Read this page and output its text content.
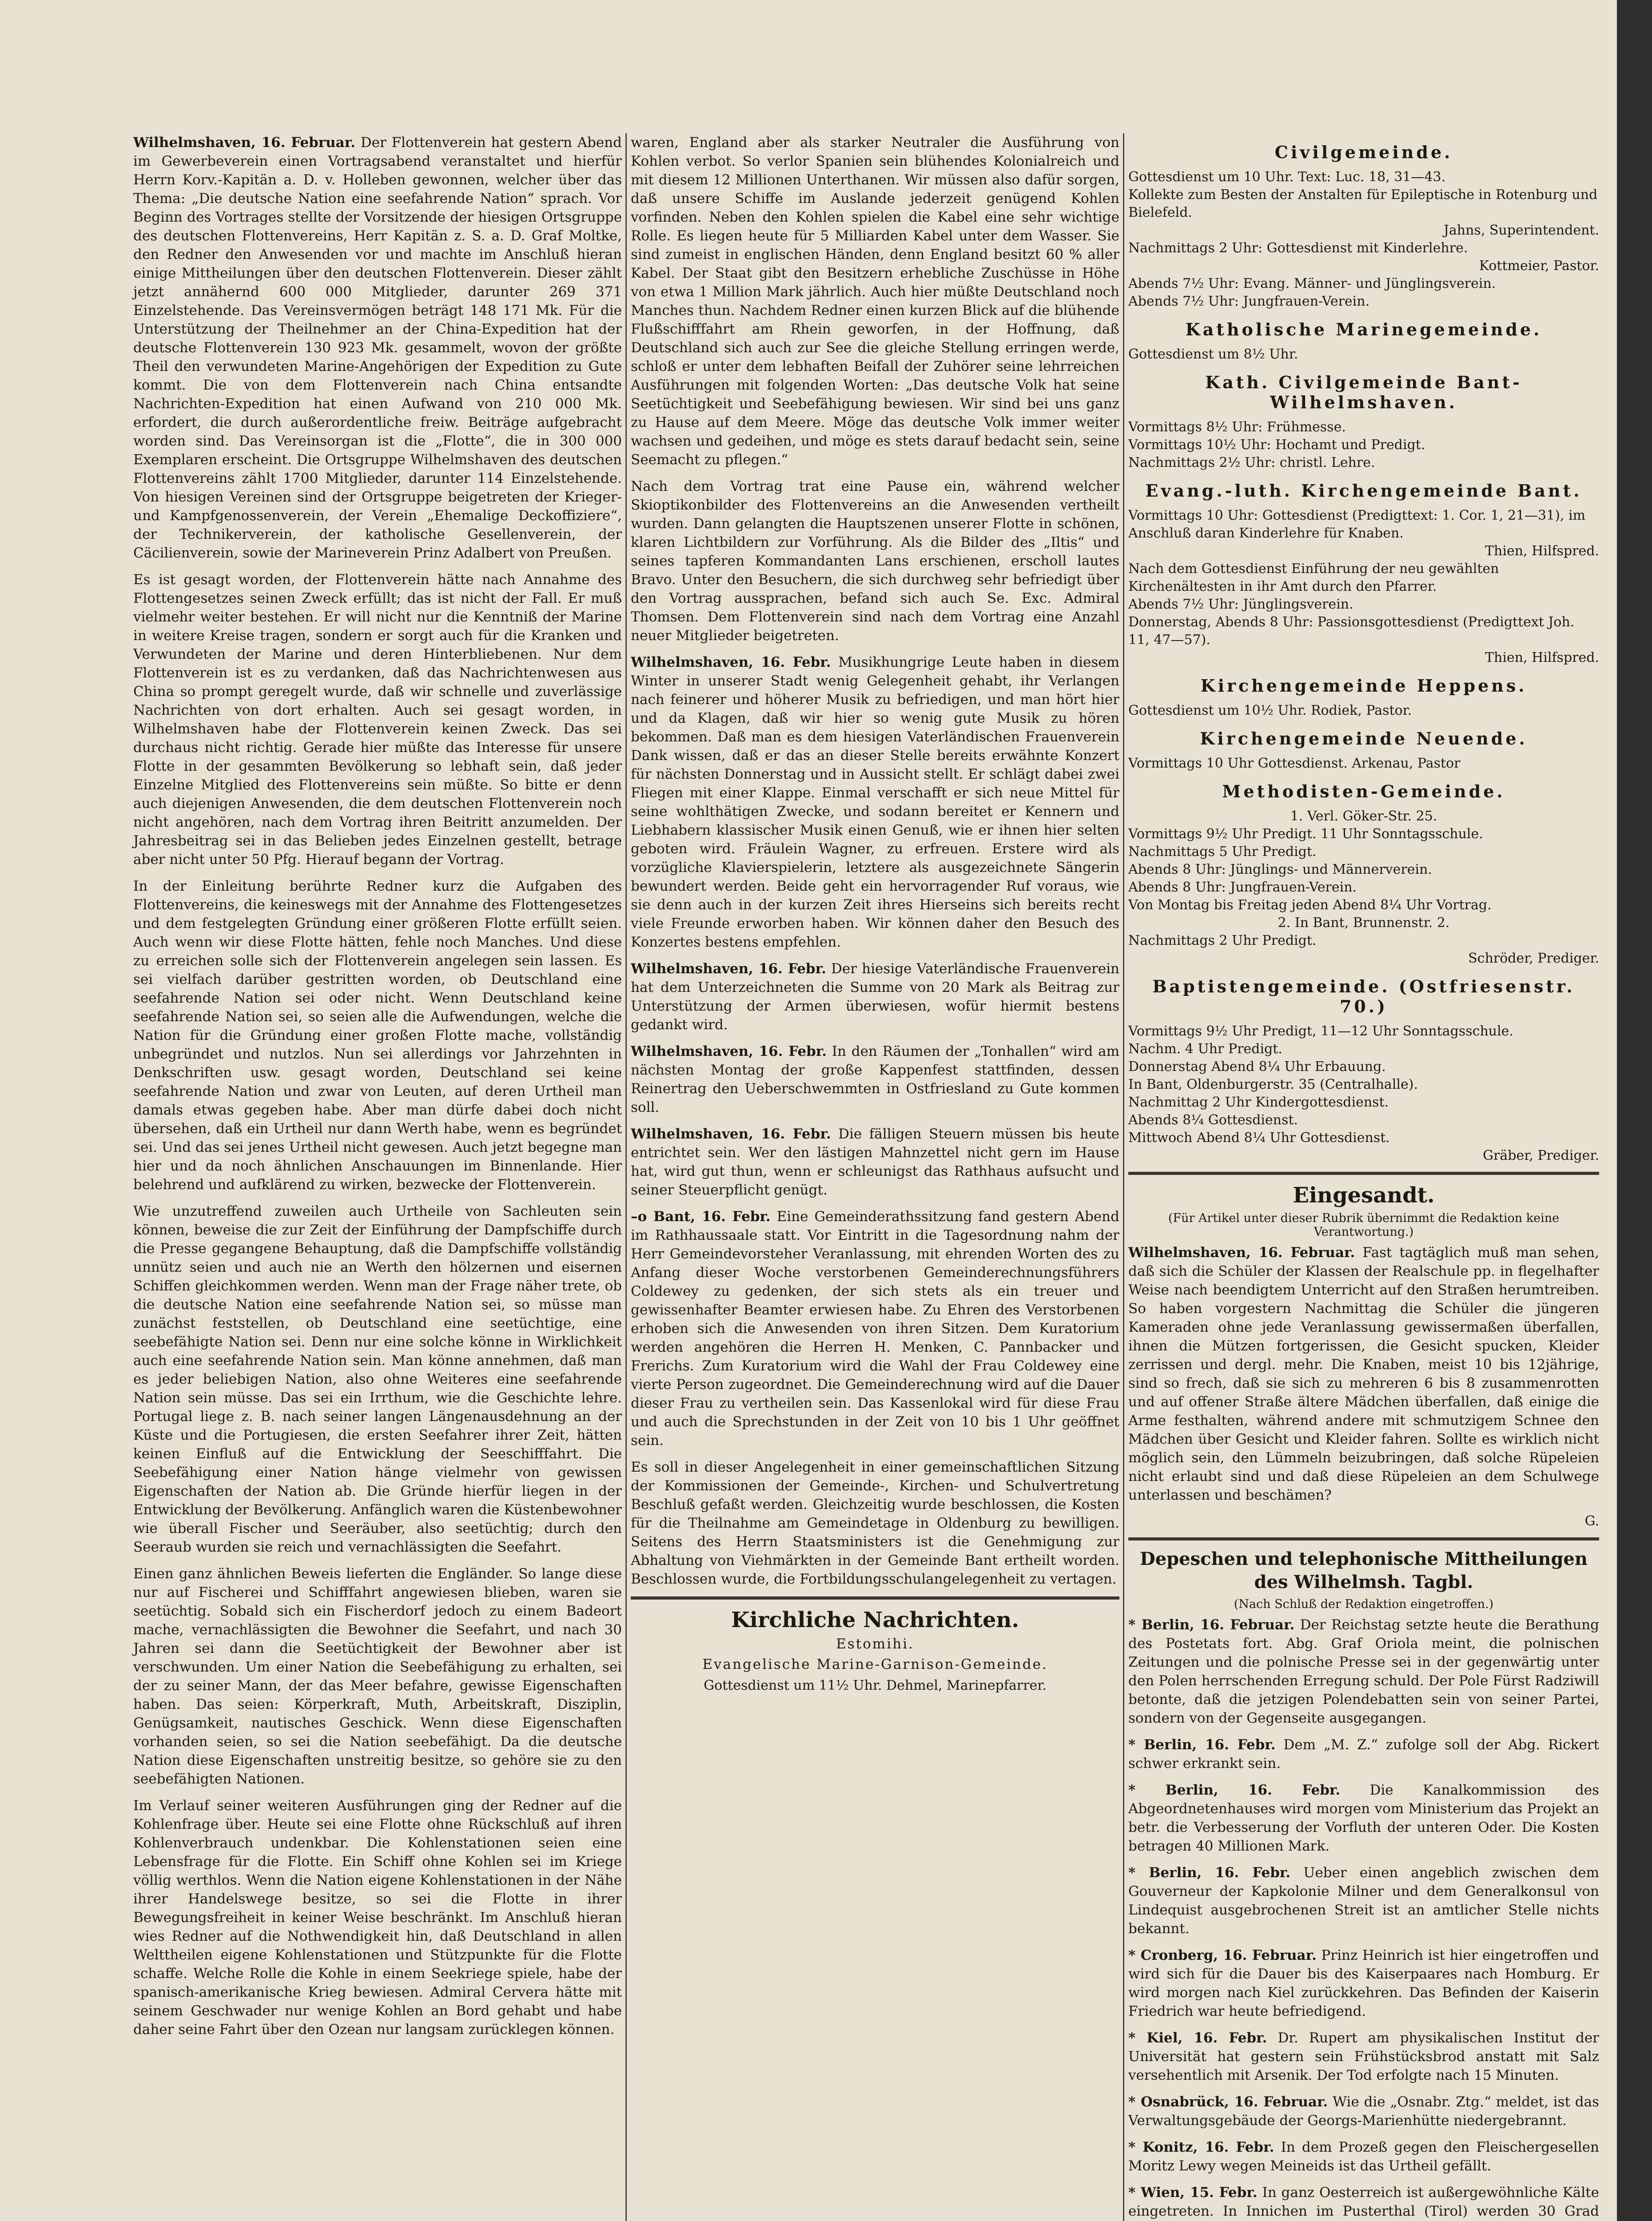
Wilhelmshaven, 16. Februar. Der Flottenverein hat gestern Abend im Gewerbeverein einen Vortragsabend veranstaltet und hierfür Herrn Korv.-Kapitän a. D. v. Holleben gewonnen, welcher über das Thema: „Die deutsche Nation eine seefahrende Nation“ sprach. Vor Beginn des Vortrages stellte der Vorsitzende der hiesigen Ortsgruppe des deutschen Flottenvereins, Herr Kapitän z. S. a. D. Graf Moltke, den Redner den Anwesenden vor und machte im Anschluß hieran einige Mittheilungen über den deutschen Flottenverein. Dieser zählt jetzt annähernd 600 000 Mitglieder, darunter 269 371 Einzelstehende. Das Vereinsvermögen beträgt 148 171 Mk. Für die Unterstützung der Theilnehmer an der China-Expedition hat der deutsche Flottenverein 130 923 Mk. gesammelt, wovon der größte Theil den verwundeten Marine-Angehörigen der Expedition zu Gute kommt. Die von dem Flottenverein nach China entsandte Nachrichten-Expedition hat einen Aufwand von 210 000 Mk. erfordert, die durch außerordentliche freiw. Beiträge aufgebracht worden sind. Das Vereinsorgan ist die „Flotte“, die in 300 000 Exemplaren erscheint. Die Ortsgruppe Wilhelmshaven des deutschen Flottenvereins zählt 1700 Mitglieder, darunter 114 Einzelstehende. Von hiesigen Vereinen sind der Ortsgruppe beigetreten der Krieger- und Kampfgenossenverein, der Verein „Ehemalige Deckoffiziere“, der Technikerverein, der katholische Gesellenverein, der Cäcilienverein, sowie der Marineverein Prinz Adalbert von Preußen.

Es ist gesagt worden, der Flottenverein hätte nach Annahme des Flottengesetzes seinen Zweck erfüllt; das ist nicht der Fall. Er muß vielmehr weiter bestehen. Er will nicht nur die Kenntniß der Marine in weitere Kreise tragen, sondern er sorgt auch für die Kranken und Verwundeten der Marine und deren Hinterbliebenen. Nur dem Flottenverein ist es zu verdanken, daß das Nachrichtenwesen aus China so prompt geregelt wurde, daß wir schnelle und zuverlässige Nachrichten von dort erhalten. Auch sei gesagt worden, in Wilhelmshaven habe der Flottenverein keinen Zweck. Das sei durchaus nicht richtig. Gerade hier müßte das Interesse für unsere Flotte in der gesammten Bevölkerung so lebhaft sein, daß jeder Einzelne Mitglied des Flottenvereins sein müßte. So bitte er denn auch diejenigen Anwesenden, die dem deutschen Flottenverein noch nicht angehören, nach dem Vortrag ihren Beitritt anzumelden. Der Jahresbeitrag sei in das Belieben jedes Einzelnen gestellt, betrage aber nicht unter 50 Pfg. Hierauf begann der Vortrag.

In der Einleitung berührte Redner kurz die Aufgaben des Flottenvereins, die keineswegs mit der Annahme des Flottengesetzes und dem festgelegten Gründung einer größeren Flotte erfüllt seien. Auch wenn wir diese Flotte hätten, fehle noch Manches. Und diese zu erreichen solle sich der Flottenverein angelegen sein lassen. Es sei vielfach darüber gestritten worden, ob Deutschland eine seefahrende Nation sei oder nicht. Wenn Deutschland keine seefahrende Nation sei, so seien alle die Aufwendungen, welche die Nation für die Gründung einer großen Flotte mache, vollständig unbegründet und nutzlos. Nun sei allerdings vor Jahrzehnten in Denkschriften usw. gesagt worden, Deutschland sei keine seefahrende Nation und zwar von Leuten, auf deren Urtheil man damals etwas gegeben habe. Aber man dürfe dabei doch nicht übersehen, daß ein Urtheil nur dann Werth habe, wenn es begründet sei. Und das sei jenes Urtheil nicht gewesen. Auch jetzt begegne man hier und da noch ähnlichen Anschauungen im Binnenlande. Hier belehrend und aufklärend zu wirken, bezwecke der Flottenverein.

Wie unzutreffend zuweilen auch Urtheile von Sachleuten sein können, beweise die zur Zeit der Einführung der Dampfschiffe durch die Presse gegangene Behauptung, daß die Dampfschiffe vollständig unnütz seien und auch nie an Werth den hölzernen und eisernen Schiffen gleichkommen werden. Wenn man der Frage näher trete, ob die deutsche Nation eine seefahrende Nation sei, so müsse man zunächst feststellen, ob Deutschland eine seetüchtige, eine seebefähigte Nation sei. Denn nur eine solche könne in Wirklichkeit auch eine seefahrende Nation sein. Man könne annehmen, daß man es jeder beliebigen Nation, also ohne Weiteres eine seefahrende Nation sein müsse. Das sei ein Irrthum, wie die Geschichte lehre. Portugal liege z. B. nach seiner langen Längenausdehnung an der Küste und die Portugiesen, die ersten Seefahrer ihrer Zeit, hätten keinen Einfluß auf die Entwicklung der Seeschifffahrt. Die Seebefähigung einer Nation hänge vielmehr von gewissen Eigenschaften der Nation ab. Die Gründe hierfür liegen in der Entwicklung der Bevölkerung. Anfänglich waren die Küstenbewohner wie überall Fischer und Seeräuber, also seetüchtig; durch den Seeraub wurden sie reich und vernachlässigten die Seefahrt.

Einen ganz ähnlichen Beweis lieferten die Engländer. So lange diese nur auf Fischerei und Schifffahrt angewiesen blieben, waren sie seetüchtig. Sobald sich ein Fischerdorf jedoch zu einem Badeort mache, vernachlässigten die Bewohner die Seefahrt, und nach 30 Jahren sei dann die Seetüchtigkeit der Bewohner aber ist verschwunden. Um einer Nation die Seebefähigung zu erhalten, sei der zu seiner Mann, der das Meer befahre, gewisse Eigenschaften haben. Das seien: Körperkraft, Muth, Arbeitskraft, Disziplin, Genügsamkeit, nautisches Geschick. Wenn diese Eigenschaften vorhanden seien, so sei die Nation seebefähigt. Da die deutsche Nation diese Eigenschaften unstreitig besitze, so gehöre sie zu den seebefähigten Nationen.

Im Verlauf seiner weiteren Ausführungen ging der Redner auf die Kohlenfrage über. Heute sei eine Flotte ohne Rückschluß auf ihren Kohlenverbrauch undenkbar. Die Kohlenstationen seien eine Lebensfrage für die Flotte. Ein Schiff ohne Kohlen sei im Kriege völlig werthlos. Wenn die Nation eigene Kohlenstationen in der Nähe ihrer Handelswege besitze, so sei die Flotte in ihrer Bewegungsfreiheit in keiner Weise beschränkt. Im Anschluß hieran wies Redner auf die Nothwendigkeit hin, daß Deutschland in allen Welttheilen eigene Kohlenstationen und Stützpunkte für die Flotte schaffe. Welche Rolle die Kohle in einem Seekriege spiele, habe der spanisch-amerikanische Krieg bewiesen. Admiral Cervera hätte mit seinem Geschwader nur wenige Kohlen an Bord gehabt und habe daher seine Fahrt über den Ozean nur langsam zurücklegen können.

waren, England aber als starker Neutraler die Ausführung von Kohlen verbot. So verlor Spanien sein blühendes Kolonialreich und mit diesem 12 Millionen Unterthanen. Wir müssen also dafür sorgen, daß unsere Schiffe im Auslande jederzeit genügend Kohlen vorfinden. Neben den Kohlen spielen die Kabel eine sehr wichtige Rolle. Es liegen heute für 5 Milliarden Kabel unter dem Wasser. Sie sind zumeist in englischen Händen, denn England besitzt 60 % aller Kabel. Der Staat gibt den Besitzern erhebliche Zuschüsse in Höhe von etwa 1 Million Mark jährlich. Auch hier müßte Deutschland noch Manches thun. Nachdem Redner einen kurzen Blick auf die blühende Flußschifffahrt am Rhein geworfen, in der Hoffnung, daß Deutschland sich auch zur See die gleiche Stellung erringen werde, schloß er unter dem lebhaften Beifall der Zuhörer seine lehrreichen Ausführungen mit folgenden Worten: „Das deutsche Volk hat seine Seetüchtigkeit und Seebefähigung bewiesen. Wir sind bei uns ganz zu Hause auf dem Meere. Möge das deutsche Volk immer weiter wachsen und gedeihen, und möge es stets darauf bedacht sein, seine Seemacht zu pflegen.“

Nach dem Vortrag trat eine Pause ein, während welcher Skioptikonbilder des Flottenvereins an die Anwesenden vertheilt wurden. Dann gelangten die Hauptszenen unserer Flotte in schönen, klaren Lichtbildern zur Vorführung. Als die Bilder des „Iltis“ und seines tapferen Kommandanten Lans erschienen, erscholl lautes Bravo. Unter den Besuchern, die sich durchweg sehr befriedigt über den Vortrag aussprachen, befand sich auch Se. Exc. Admiral Thomsen. Dem Flottenverein sind nach dem Vortrag eine Anzahl neuer Mitglieder beigetreten.

Wilhelmshaven, 16. Febr. Musikhungrige Leute haben in diesem Winter in unserer Stadt wenig Gelegenheit gehabt, ihr Verlangen nach feinerer und höherer Musik zu befriedigen, und man hört hier und da Klagen, daß wir hier so wenig gute Musik zu hören bekommen. Daß man es dem hiesigen Vaterländischen Frauenverein Dank wissen, daß er das an dieser Stelle bereits erwähnte Konzert für nächsten Donnerstag und in Aussicht stellt. Er schlägt dabei zwei Fliegen mit einer Klappe. Einmal verschafft er sich neue Mittel für seine wohlthätigen Zwecke, und sodann bereitet er Kennern und Liebhabern klassischer Musik einen Genuß, wie er ihnen hier selten geboten wird. Fräulein Wagner, zu erfreuen. Erstere wird als vorzügliche Klavierspielerin, letztere als ausgezeichnete Sängerin bewundert werden. Beide geht ein hervorragender Ruf voraus, wie sie denn auch in der kurzen Zeit ihres Hierseins sich bereits recht viele Freunde erworben haben. Wir können daher den Besuch des Konzertes bestens empfehlen.

Wilhelmshaven, 16. Febr. Der hiesige Vaterländische Frauenverein hat dem Unterzeichneten die Summe von 20 Mark als Beitrag zur Unterstützung der Armen überwiesen, wofür hiermit bestens gedankt wird.

Wilhelmshaven, 16. Febr. In den Räumen der „Tonhallen“ wird am nächsten Montag der große Kappenfest stattfinden, dessen Reinertrag den Ueberschwemmten in Ostfriesland zu Gute kommen soll.

Wilhelmshaven, 16. Febr. Die fälligen Steuern müssen bis heute entrichtet sein. Wer den lästigen Mahnzettel nicht gern im Hause hat, wird gut thun, wenn er schleunigst das Rathhaus aufsucht und seiner Steuerpflicht genügt.

–o Bant, 16. Febr. Eine Gemeinderathssitzung fand gestern Abend im Rathhaussaale statt. Vor Eintritt in die Tagesordnung nahm der Herr Gemeindevorsteher Veranlassung, mit ehrenden Worten des zu Anfang dieser Woche verstorbenen Gemeinderechnungsführers Coldewey zu gedenken, der sich stets als ein treuer und gewissenhafter Beamter erwiesen habe. Zu Ehren des Verstorbenen erhoben sich die Anwesenden von ihren Sitzen. Dem Kuratorium werden angehören die Herren H. Menken, C. Pannbacker und Frerichs. Zum Kuratorium wird die Wahl der Frau Coldewey eine vierte Person zugeordnet. Die Gemeinderechnung wird auf die Dauer dieser Frau zu vertheilen sein. Das Kassenlokal wird für diese Frau und auch die Sprechstunden in der Zeit von 10 bis 1 Uhr geöffnet sein.

Es soll in dieser Angelegenheit in einer gemeinschaftlichen Sitzung der Kommissionen der Gemeinde-, Kirchen- und Schulvertretung Beschluß gefaßt werden. Gleichzeitig wurde beschlossen, die Kosten für die Theilnahme am Gemeindetage in Oldenburg zu bewilligen. Seitens des Herrn Staatsministers ist die Genehmigung zur Abhaltung von Viehmärkten in der Gemeinde Bant ertheilt worden. Beschlossen wurde, die Fortbildungsschulangelegenheit zu vertagen.

Kirchliche Nachrichten.
Estomihi.
Evangelische Marine-Garnison-Gemeinde.
Gottesdienst um 11½ Uhr. Dehmel, Marinepfarrer.
Civilgemeinde.
Gottesdienst um 10 Uhr. Text: Luc. 18, 31—43.
Kollekte zum Besten der Anstalten für Epileptische in Rotenburg und Bielefeld.
Jahns, Superintendent.
Nachmittags 2 Uhr: Gottesdienst mit Kinderlehre.
Kottmeier, Pastor.
Abends 7½ Uhr: Evang. Männer- und Jünglingsverein.
Abends 7½ Uhr: Jungfrauen-Verein.
Katholische Marinegemeinde.
Gottesdienst um 8½ Uhr.
Kath. Civilgemeinde Bant-Wilhelmshaven.
Vormittags 8½ Uhr: Frühmesse.
Vormittags 10½ Uhr: Hochamt und Predigt.
Nachmittags 2½ Uhr: christl. Lehre.
Evang.-luth. Kirchengemeinde Bant.
Vormittags 10 Uhr: Gottesdienst (Predigttext: 1. Cor. 1, 21—31), im Anschluß daran Kinderlehre für Knaben.
Thien, Hilfspred.
Nach dem Gottesdienst Einführung der neu gewählten Kirchenältesten in ihr Amt durch den Pfarrer.
Abends 7½ Uhr: Jünglingsverein.
Donnerstag, Abends 8 Uhr: Passionsgottesdienst (Predigttext Joh. 11, 47—57).
Thien, Hilfspred.
Kirchengemeinde Heppens.
Gottesdienst um 10½ Uhr. Rodiek, Pastor.
Kirchengemeinde Neuende.
Vormittags 10 Uhr Gottesdienst. Arkenau, Pastor
Methodisten-Gemeinde.
1. Verl. Göker-Str. 25.
Vormittags 9½ Uhr Predigt. 11 Uhr Sonntagsschule.
Nachmittags 5 Uhr Predigt.
Abends 8 Uhr: Jünglings- und Männerverein.
Abends 8 Uhr: Jungfrauen-Verein.
Von Montag bis Freitag jeden Abend 8¼ Uhr Vortrag.
2. In Bant, Brunnenstr. 2.
Nachmittags 2 Uhr Predigt.
Schröder, Prediger.
Baptistengemeinde. (Ostfriesenstr. 70.)
Vormittags 9½ Uhr Predigt, 11—12 Uhr Sonntagsschule.
Nachm. 4 Uhr Predigt.
Donnerstag Abend 8¼ Uhr Erbauung.
In Bant, Oldenburgerstr. 35 (Centralhalle).
Nachmittag 2 Uhr Kindergottesdienst.
Abends 8¼ Gottesdienst.
Mittwoch Abend 8¼ Uhr Gottesdienst.
Gräber, Prediger.
Eingesandt.
(Für Artikel unter dieser Rubrik übernimmt die Redaktion keine Verantwortung.)

Wilhelmshaven, 16. Februar. Fast tagtäglich muß man sehen, daß sich die Schüler der Klassen der Realschule pp. in flegelhafter Weise nach beendigtem Unterricht auf den Straßen herumtreiben. So haben vorgestern Nachmittag die Schüler die jüngeren Kameraden ohne jede Veranlassung gewissermaßen überfallen, ihnen die Mützen fortgerissen, die Gesicht spucken, Kleider zerrissen und dergl. mehr. Die Knaben, meist 10 bis 12jährige, sind so frech, daß sie sich zu mehreren 6 bis 8 zusammenrotten und auf offener Straße ältere Mädchen überfallen, daß einige die Arme festhalten, während andere mit schmutzigem Schnee den Mädchen über Gesicht und Kleider fahren. Sollte es wirklich nicht möglich sein, den Lümmeln beizubringen, daß solche Rüpeleien nicht erlaubt sind und daß diese Rüpeleien an dem Schulwege unterlassen und beschämen?

G.
Depeschen und telephonische Mittheilungen des Wilhelmsh. Tagbl.
(Nach Schluß der Redaktion eingetroffen.)

* Berlin, 16. Februar. Der Reichstag setzte heute die Berathung des Postetats fort. Abg. Graf Oriola meint, die polnischen Zeitungen und die polnische Presse sei in der gegenwärtig unter den Polen herrschenden Erregung schuld. Der Pole Fürst Radziwill betonte, daß die jetzigen Polendebatten sein von seiner Partei, sondern von der Gegenseite ausgegangen.

* Berlin, 16. Febr. Dem „M. Z.“ zufolge soll der Abg. Rickert schwer erkrankt sein.

* Berlin, 16. Febr. Die Kanalkommission des Abgeordnetenhauses wird morgen vom Ministerium das Projekt an betr. die Verbesserung der Vorfluth der unteren Oder. Die Kosten betragen 40 Millionen Mark.

* Berlin, 16. Febr. Ueber einen angeblich zwischen dem Gouverneur der Kapkolonie Milner und dem Generalkonsul von Lindequist ausgebrochenen Streit ist an amtlicher Stelle nichts bekannt.

* Cronberg, 16. Februar. Prinz Heinrich ist hier eingetroffen und wird sich für die Dauer bis des Kaiserpaares nach Homburg. Er wird morgen nach Kiel zurückkehren. Das Befinden der Kaiserin Friedrich war heute befriedigend.

* Kiel, 16. Febr. Dr. Rupert am physikalischen Institut der Universität hat gestern sein Frühstücksbrod anstatt mit Salz versehentlich mit Arsenik. Der Tod erfolgte nach 15 Minuten.

* Osnabrück, 16. Februar. Wie die „Osnabr. Ztg.“ meldet, ist das Verwaltungsgebäude der Georgs-Marienhütte niedergebrannt.

* Konitz, 16. Febr. In dem Prozeß gegen den Fleischergesellen Moritz Lewy wegen Meineids ist das Urtheil gefällt.

* Wien, 15. Febr. In ganz Oesterreich ist außergewöhnliche Kälte eingetreten. In Innichen im Pusterthal (Tirol) werden 30 Grad
